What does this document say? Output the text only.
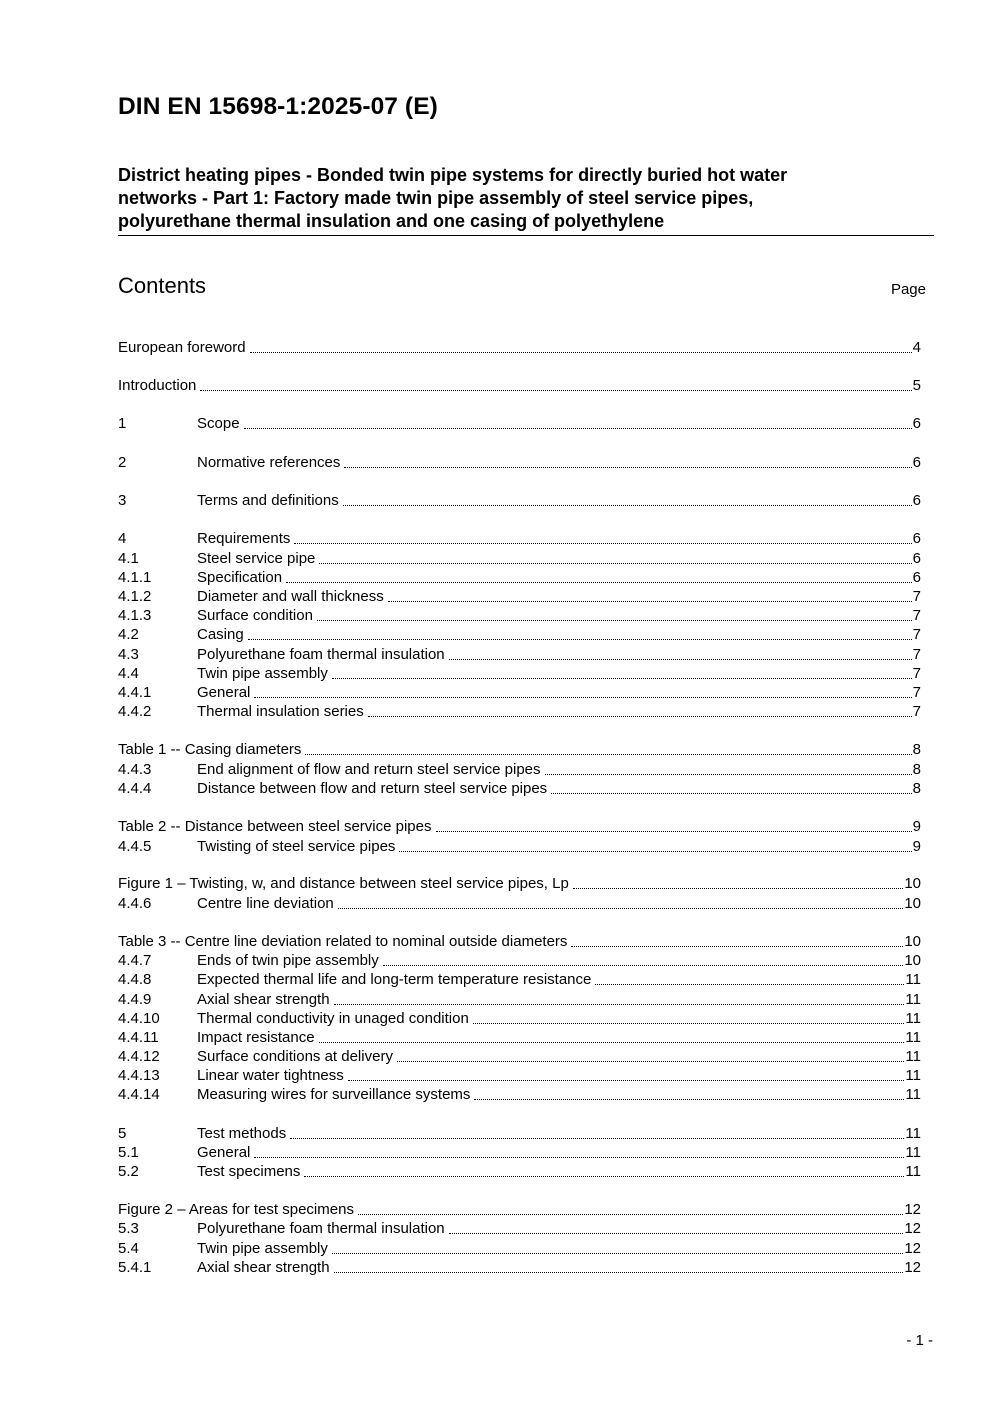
DIN EN 15698-1:2025-07 (E)
District heating pipes - Bonded twin pipe systems for directly buried hot water
networks - Part 1: Factory made twin pipe assembly of steel service pipes,
polyurethane thermal insulation and one casing of polyethylene
Contents	Page
European foreword	4
Introduction	5
1	Scope	6
2	Normative references	6
3	Terms and definitions	6
4	Requirements	6
4.1	Steel service pipe	6
4.1.1	Specification	6
4.1.2	Diameter and wall thickness	7
4.1.3	Surface condition	7
4.2	Casing	7
4.3	Polyurethane foam thermal insulation	7
4.4	Twin pipe assembly	7
4.4.1	General	7
4.4.2	Thermal insulation series	7
Table 1 -- Casing diameters	8
4.4.3	End alignment of flow and return steel service pipes	8
4.4.4	Distance between flow and return steel service pipes	8
Table 2 -- Distance between steel service pipes	9
4.4.5	Twisting of steel service pipes	9
Figure 1 – Twisting, w, and distance between steel service pipes, Lp	10
4.4.6	Centre line deviation	10
Table 3 -- Centre line deviation related to nominal outside diameters	10
4.4.7	Ends of twin pipe assembly	10
4.4.8	Expected thermal life and long-term temperature resistance	11
4.4.9	Axial shear strength	11
4.4.10	Thermal conductivity in unaged condition	11
4.4.11	Impact resistance	11
4.4.12	Surface conditions at delivery	11
4.4.13	Linear water tightness	11
4.4.14	Measuring wires for surveillance systems	11
5	Test methods	11
5.1	General	11
5.2	Test specimens	11
Figure 2 – Areas for test specimens	12
5.3	Polyurethane foam thermal insulation	12
5.4	Twin pipe assembly	12
5.4.1	Axial shear strength	12
- 1 -
